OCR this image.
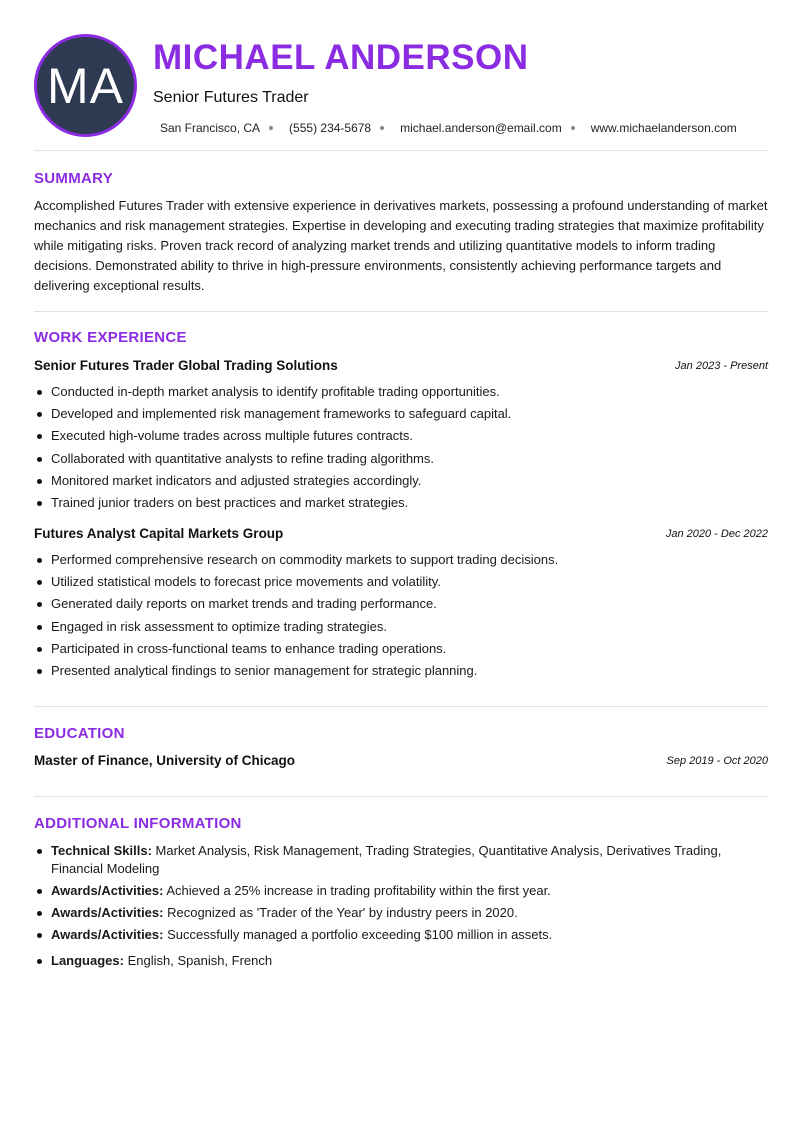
MA MICHAEL ANDERSON
Senior Futures Trader
San Francisco, CA (555) 234-5678 michael.anderson@email.com www.michaelanderson.com
SUMMARY
Accomplished Futures Trader with extensive experience in derivatives markets, possessing a profound understanding of market mechanics and risk management strategies. Expertise in developing and executing trading strategies that maximize profitability while mitigating risks. Proven track record of analyzing market trends and utilizing quantitative models to inform trading decisions. Demonstrated ability to thrive in high-pressure environments, consistently achieving performance targets and delivering exceptional results.
WORK EXPERIENCE
Senior Futures Trader Global Trading Solutions	Jan 2023 - Present
Conducted in-depth market analysis to identify profitable trading opportunities.
Developed and implemented risk management frameworks to safeguard capital.
Executed high-volume trades across multiple futures contracts.
Collaborated with quantitative analysts to refine trading algorithms.
Monitored market indicators and adjusted strategies accordingly.
Trained junior traders on best practices and market strategies.
Futures Analyst Capital Markets Group	Jan 2020 - Dec 2022
Performed comprehensive research on commodity markets to support trading decisions.
Utilized statistical models to forecast price movements and volatility.
Generated daily reports on market trends and trading performance.
Engaged in risk assessment to optimize trading strategies.
Participated in cross-functional teams to enhance trading operations.
Presented analytical findings to senior management for strategic planning.
EDUCATION
Master of Finance, University of Chicago	Sep 2019 - Oct 2020
ADDITIONAL INFORMATION
Technical Skills: Market Analysis, Risk Management, Trading Strategies, Quantitative Analysis, Derivatives Trading, Financial Modeling
Awards/Activities: Achieved a 25% increase in trading profitability within the first year.
Awards/Activities: Recognized as 'Trader of the Year' by industry peers in 2020.
Awards/Activities: Successfully managed a portfolio exceeding $100 million in assets.
Languages: English, Spanish, French
